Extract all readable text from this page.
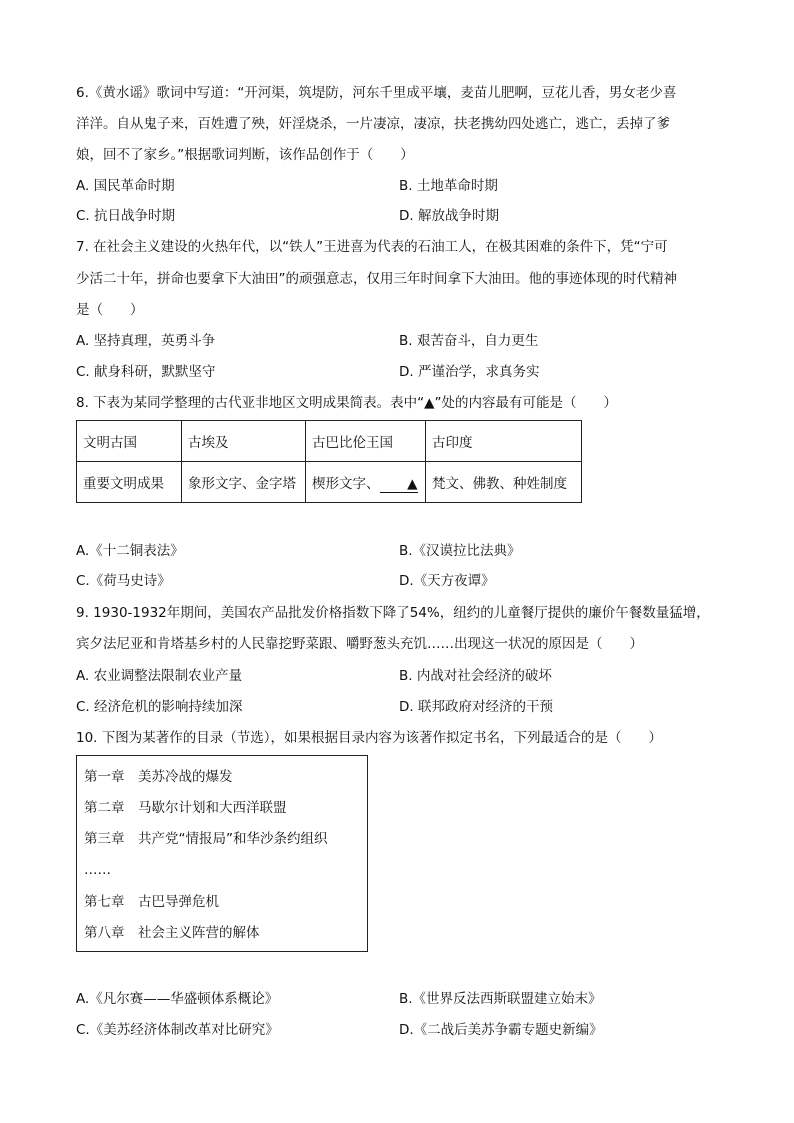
6.《黄水谣》歌词中写道：“开河渠，筑堤防，河东千里成平壤，麦苗儿肥啊，豆花儿香，男女老少喜
洋洋。自从鬼子来，百姓遭了殃，奸淫烧杀，一片凄凉，凄凉，扶老携幼四处逃亡，逃亡，丢掉了爹
娘，回不了家乡。”根据歌词判断，该作品创作于（　　）
A. 国民革命时期	B. 土地革命时期
C. 抗日战争时期	D. 解放战争时期
7. 在社会主义建设的火热年代，以“铁人”王进喜为代表的石油工人，在极其困难的条件下，凭“宁可
少活二十年，拼命也要拿下大油田”的顽强意志，仅用三年时间拿下大油田。他的事迹体现的时代精神
是（　　）
A. 坚持真理，英勇斗争	B. 艰苦奋斗，自力更生
C. 献身科研，默默坚守	D. 严谨治学，求真务实
8. 下表为某同学整理的古代亚非地区文明成果简表。表中“▲”处的内容最有可能是（　　）
文明古国	古埃及	古巴比伦王国	古印度
重要文明成果	象形文字、金字塔	楔形文字、 ▲	梵文、佛教、种姓制度
A.《十二铜表法》	B.《汉谟拉比法典》
C.《荷马史诗》	D.《天方夜谭》
9. 1930-1932年期间，美国农产品批发价格指数下降了54%，纽约的儿童餐厅提供的廉价午餐数量猛增，
宾夕法尼亚和肯塔基乡村的人民靠挖野菜跟、嚼野葱头充饥……出现这一状况的原因是（　　）
A. 农业调整法限制农业产量	B. 内战对社会经济的破坏
C. 经济危机的影响持续加深	D. 联邦政府对经济的干预
10. 下图为某著作的目录（节选），如果根据目录内容为该著作拟定书名，下列最适合的是（　　）
第一章　美苏冷战的爆发
第二章　马歇尔计划和大西洋联盟
第三章　共产党“情报局”和华沙条约组织
……
第七章　古巴导弹危机
第八章　社会主义阵营的解体
A.《凡尔赛——华盛顿体系概论》	B.《世界反法西斯联盟建立始末》
C.《美苏经济体制改革对比研究》	D.《二战后美苏争霸专题史新编》
